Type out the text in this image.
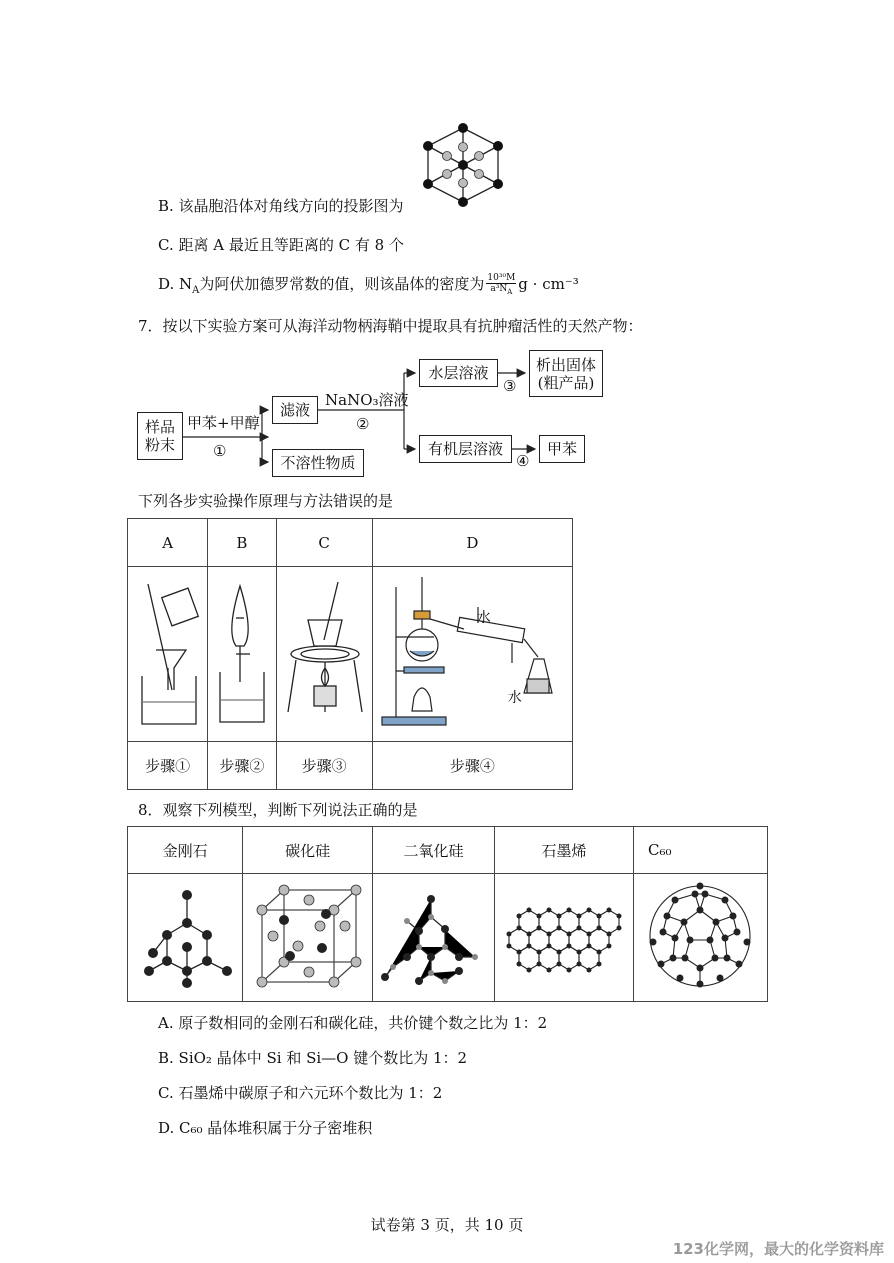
B. 该晶胞沿体对角线方向的投影图为
C. 距离 A 最近且等距离的 C 有 8 个
D. $N_A$为阿伏加德罗常数的值，则该晶体的密度为 $\frac{\text{10³⁰M}}{a^3N_A}$ g · cm⁻³
7．按以下实验方案可从海洋动物柄海鞘中提取具有抗肿瘤活性的天然产物：
样品
粉末
甲苯+甲醇
①
滤液
不溶性物质
NaNO₃溶液
②
水层溶液
③
析出固体
(粗产品)
有机层溶液
④
甲苯
下列各步实验操作原理与方法错误的是
A	B	C	D

水
水

步骤①	步骤②	步骤③	步骤④
8．观察下列模型，判断下列说法正确的是
金刚石	碳化硅	二氧化硅	石墨烯	C₆₀

A. 原子数相同的金刚石和碳化硅，共价键个数之比为 1：2
B. SiO₂ 晶体中 Si 和 Si—O 键个数比为 1：2
C. 石墨烯中碳原子和六元环个数比为 1：2
D. C₆₀ 晶体堆积属于分子密堆积
试卷第 3 页，共 10 页
123化学网，最大的化学资料库
